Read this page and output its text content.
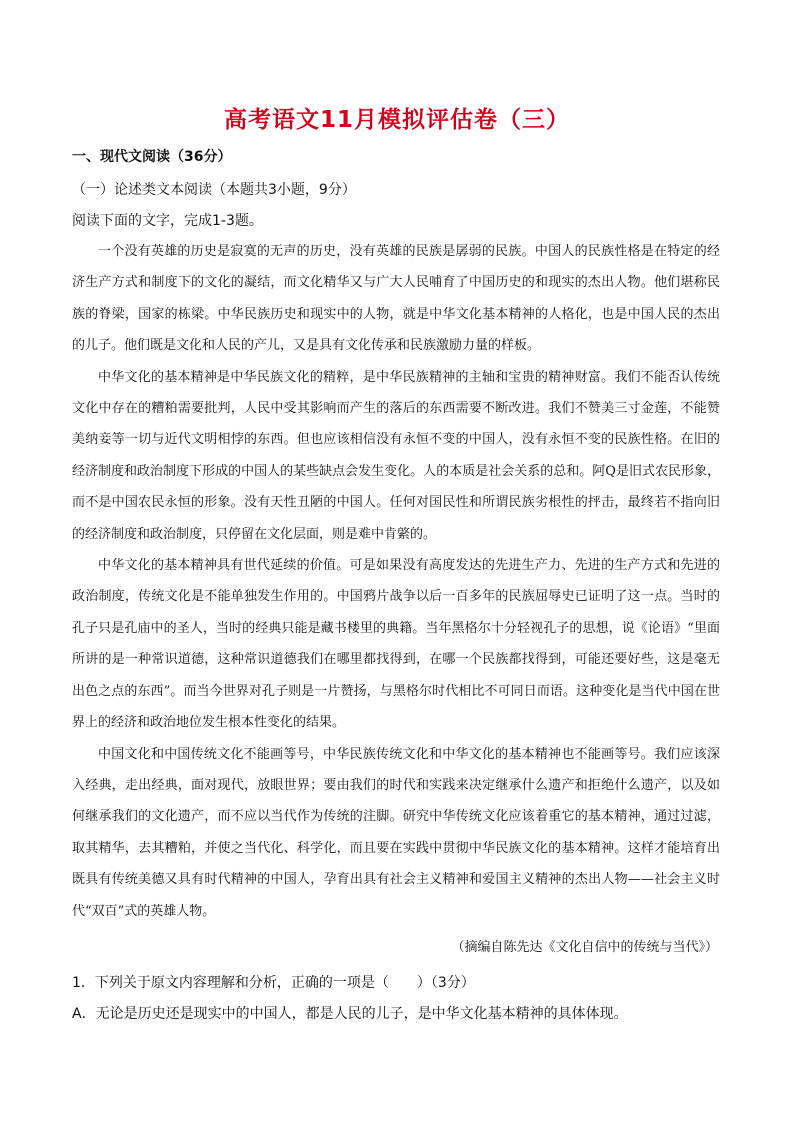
高考语文11月模拟评估卷（三）
一、现代文阅读（36分）
（一）论述类文本阅读（本题共3小题，9分）
阅读下面的文字，完成1-3题。

一个没有英雄的历史是寂寞的无声的历史，没有英雄的民族是孱弱的民族。中国人的民族性格是在特定的经济生产方式和制度下的文化的凝结，而文化精华又与广大人民哺育了中国历史的和现实的杰出人物。他们堪称民族的脊梁，国家的栋梁。中华民族历史和现实中的人物，就是中华文化基本精神的人格化，也是中国人民的杰出的儿子。他们既是文化和人民的产儿，又是具有文化传承和民族激励力量的样板。

中华文化的基本精神是中华民族文化的精粹，是中华民族精神的主轴和宝贵的精神财富。我们不能否认传统文化中存在的糟粕需要批判，人民中受其影响而产生的落后的东西需要不断改进。我们不赞美三寸金莲，不能赞美纳妾等一切与近代文明相悖的东西。但也应该相信没有永恒不变的中国人，没有永恒不变的民族性格。在旧的经济制度和政治制度下形成的中国人的某些缺点会发生变化。人的本质是社会关系的总和。阿Q是旧式农民形象，而不是中国农民永恒的形象。没有天性丑陋的中国人。任何对国民性和所谓民族劣根性的抨击，最终若不指向旧的经济制度和政治制度，只停留在文化层面，则是难中肯綮的。

中华文化的基本精神具有世代延续的价值。可是如果没有高度发达的先进生产力、先进的生产方式和先进的政治制度，传统文化是不能单独发生作用的。中国鸦片战争以后一百多年的民族屈辱史已证明了这一点。当时的孔子只是孔庙中的圣人，当时的经典只能是藏书楼里的典籍。当年黑格尔十分轻视孔子的思想，说《论语》“里面所讲的是一种常识道德，这种常识道德我们在哪里都找得到，在哪一个民族都找得到，可能还要好些，这是毫无出色之点的东西”。而当今世界对孔子则是一片赞扬，与黑格尔时代相比不可同日而语。这种变化是当代中国在世界上的经济和政治地位发生根本性变化的结果。

中国文化和中国传统文化不能画等号，中华民族传统文化和中华文化的基本精神也不能画等号。我们应该深入经典，走出经典，面对现代，放眼世界；要由我们的时代和实践来决定继承什么遗产和拒绝什么遗产，以及如何继承我们的文化遗产，而不应以当代作为传统的注脚。研究中华传统文化应该着重它的基本精神，通过过滤，取其精华，去其糟粕，并使之当代化、科学化，而且要在实践中贯彻中华民族文化的基本精神。这样才能培育出既具有传统美德又具有时代精神的中国人，孕育出具有社会主义精神和爱国主义精神的杰出人物——社会主义时代“双百”式的英雄人物。

（摘编自陈先达《文化自信中的传统与当代》）
1．下列关于原文内容理解和分析，正确的一项是（　　）（3分）
A．无论是历史还是现实中的中国人，都是人民的儿子，是中华文化基本精神的具体体现。
